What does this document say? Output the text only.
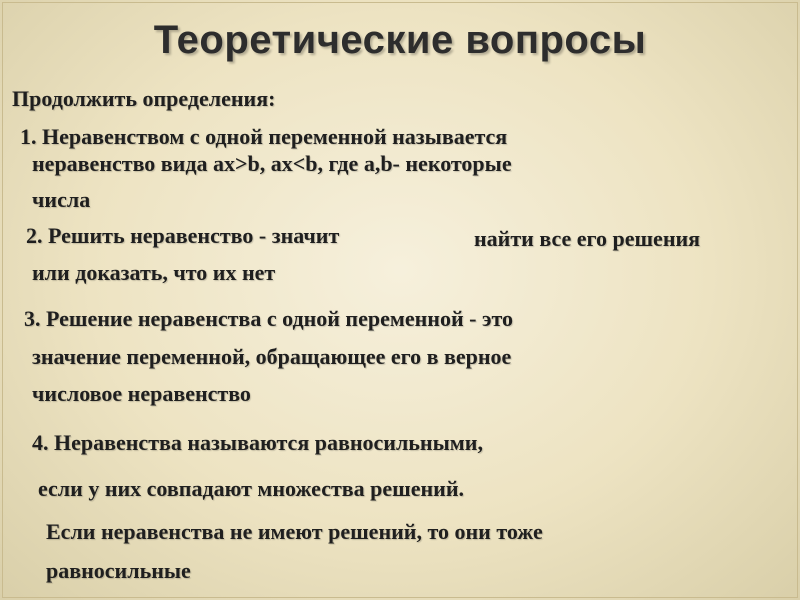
Теоретические вопросы
Продолжить определения:
1. Неравенством с одной переменной называется
неравенство вида ax>b, ax<b, где a,b- некоторые
числа
2. Решить неравенство - значит	найти все его решения
или доказать, что их нет
3. Решение неравенства с одной переменной - это
значение переменной, обращающее его в верное
числовое неравенство
4. Неравенства называются равносильными,
если у них совпадают множества решений.
Если неравенства не имеют решений, то они тоже
равносильные
